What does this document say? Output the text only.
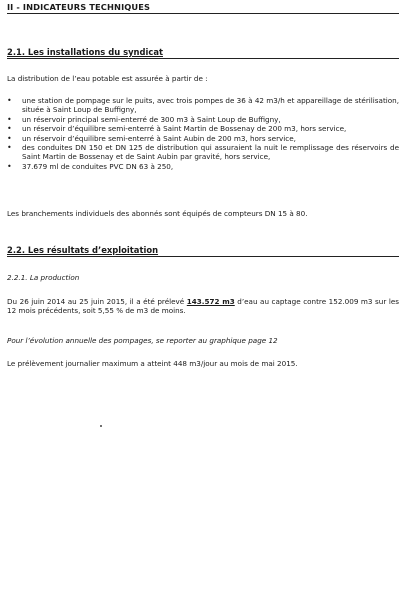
II - INDICATEURS TECHNIQUES
2.1. Les installations du syndicat
La distribution de l’eau potable est assurée à partir de :
• une station de pompage sur le puits, avec trois pompes de 36 à 42 m3/h et appareillage de stérilisation, située à Saint Loup de Buffigny,
• un réservoir principal semi-enterré de 300 m3 à Saint Loup de Buffigny,
• un réservoir d’équilibre semi-enterré à Saint Martin de Bossenay de 200 m3, hors service,
• un réservoir d’équilibre semi-enterré à Saint Aubin de 200 m3, hors service,
• des conduites DN 150 et DN 125 de distribution qui assuraient la nuit le remplissage des réservoirs de Saint Martin de Bossenay et de Saint Aubin par gravité, hors service,
• 37.679 ml de conduites PVC DN 63 à 250,
Les branchements individuels des abonnés sont équipés de compteurs DN 15 à 80.
2.2. Les résultats d’exploitation
2.2.1. La production
Du 26 juin 2014 au 25 juin 2015, il a été prélevé 143.572 m3 d’eau au captage contre 152.009 m3 sur les 12 mois précédents, soit 5,55 % de m3 de moins.
Pour l’évolution annuelle des pompages, se reporter au graphique page 12
Le prélèvement journalier maximum a atteint 448 m3/jour au mois de mai 2015.
